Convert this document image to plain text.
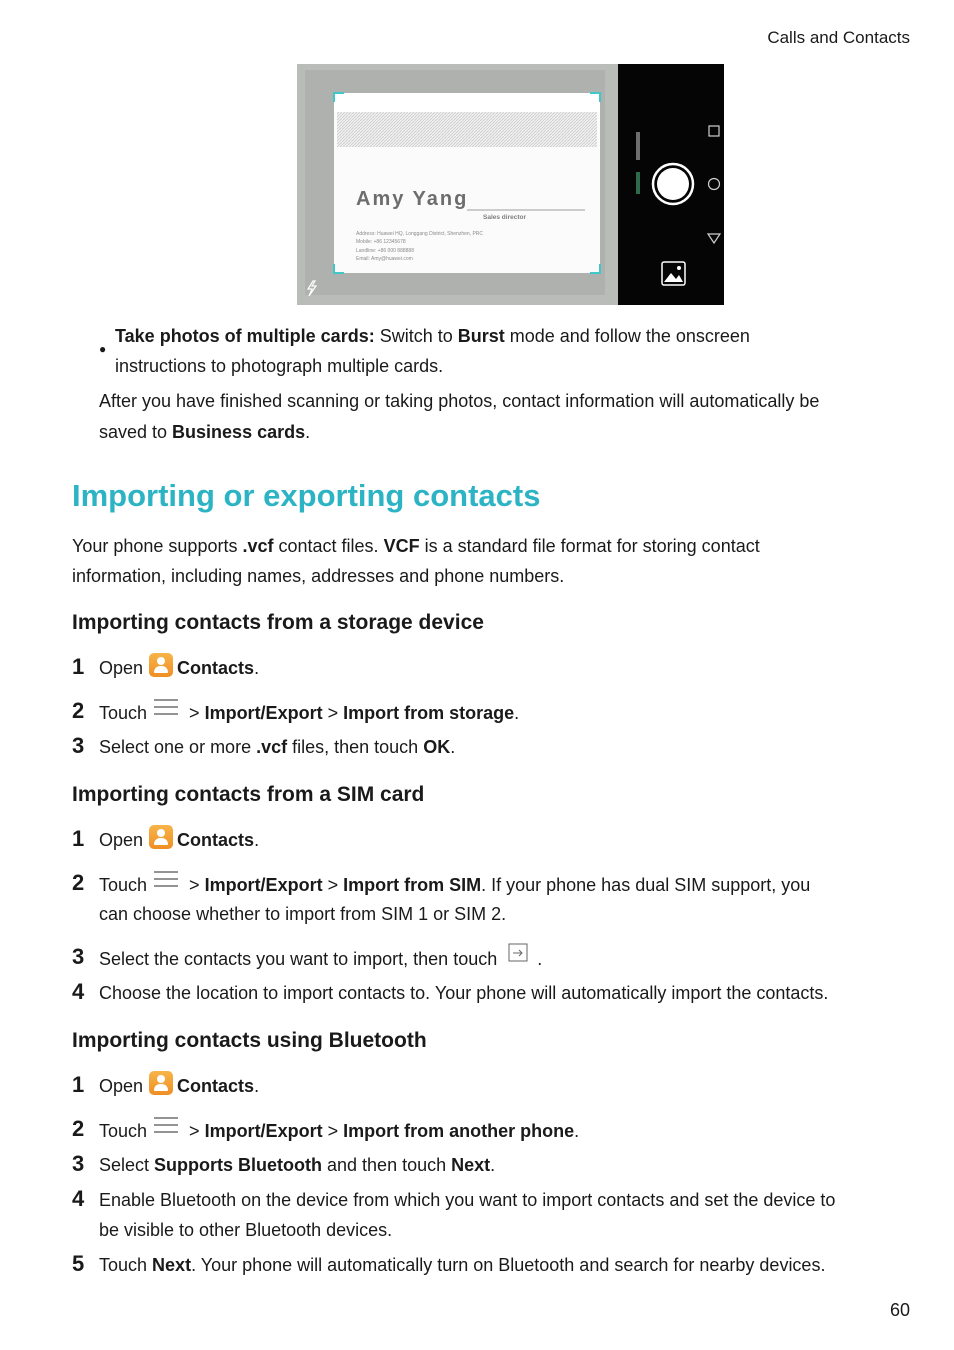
Calls and Contacts
Amy Yang
Sales director
Address: Huawei HQ, Longgang District, Shenzhen, PRC
Mobile: +86 12345678
Landline: +86 000 888888
Email: Amy@huawei.com
●
Take photos of multiple cards: Switch to Burst mode and follow the onscreen
instructions to photograph multiple cards.
After you have finished scanning or taking photos, contact information will automatically be
saved to Business cards.
Importing or exporting contacts
Your phone supports .vcf contact files. VCF is a standard file format for storing contact
information, including names, addresses and phone numbers.
Importing contacts from a storage device
1 Open Contacts.
2 Touch > Import/Export > Import from storage.
3 Select one or more .vcf files, then touch OK.
Importing contacts from a SIM card
1 Open Contacts.
2 Touch > Import/Export > Import from SIM. If your phone has dual SIM support, you
can choose whether to import from SIM 1 or SIM 2.
3 Select the contacts you want to import, then touch .
4 Choose the location to import contacts to. Your phone will automatically import the contacts.
Importing contacts using Bluetooth
1 Open Contacts.
2 Touch > Import/Export > Import from another phone.
3 Select Supports Bluetooth and then touch Next.
4 Enable Bluetooth on the device from which you want to import contacts and set the device to
be visible to other Bluetooth devices.
5 Touch Next. Your phone will automatically turn on Bluetooth and search for nearby devices.
60
